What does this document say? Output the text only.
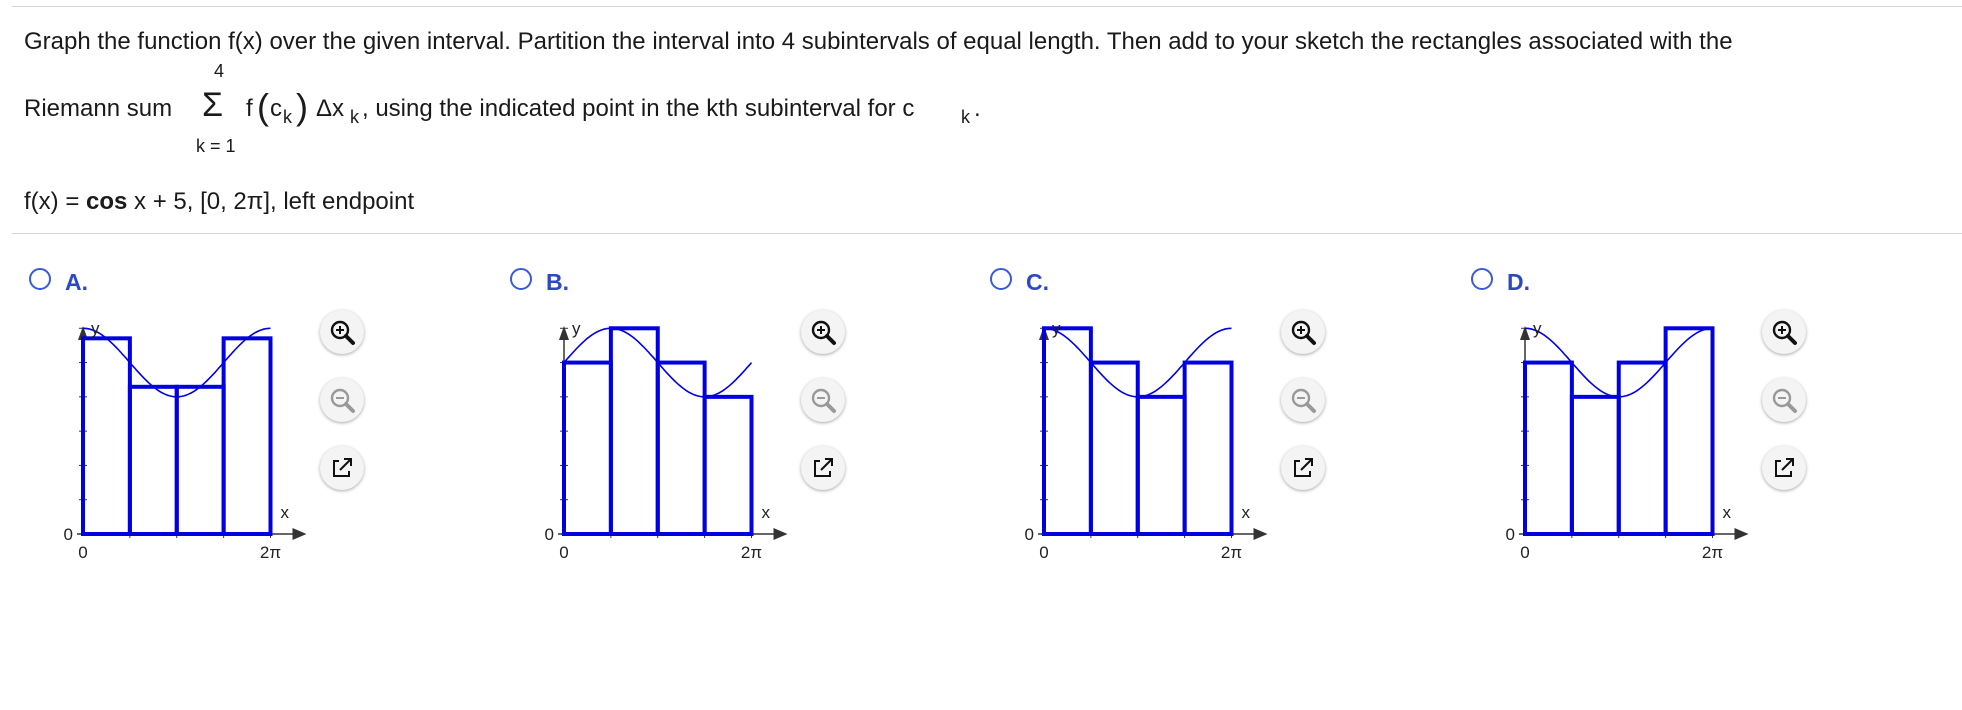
Graph the function f(x) over the given interval. Partition the interval into 4 subintervals of equal length. Then add to your sketch the rectangles associated with the
4
Riemann sum Σ f ( c k ) Δx k , using the indicated point in the kth subinterval for c	k .
k = 1
f(x) = cos x + 5, [0, 2π], left endpoint
A.
y
x
0
0	2π
B.
y
x
0
0	2π
C.
y
x
0
0	2π
D.
y
x
0
0	2π
